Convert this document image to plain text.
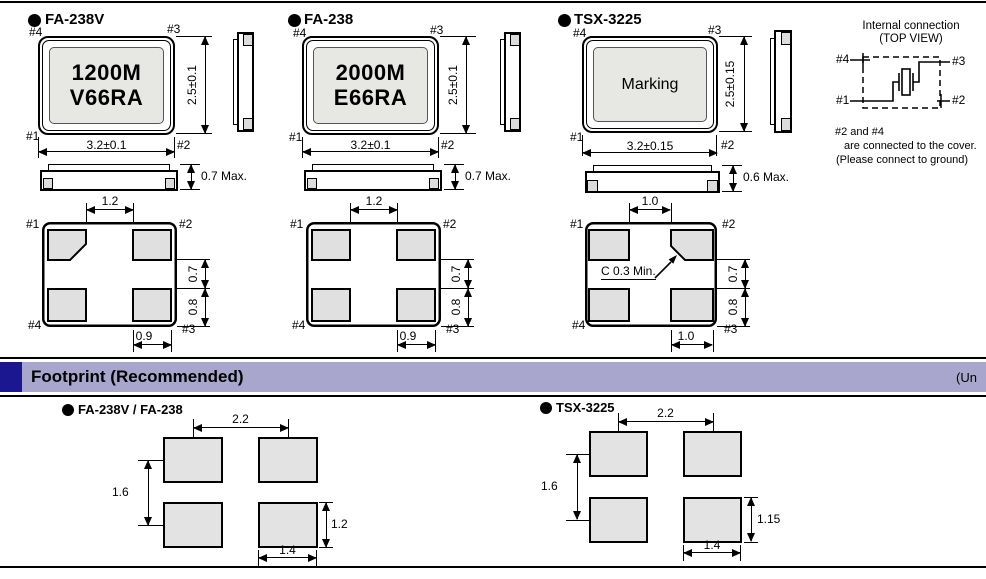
FA-238V
1200M
V66RA
#4	#3
#1
#2
3.2±0.1
2.5±0.1
0.7 Max.
#1	#2
#4	#3
1.2
0.7
0.8
0.9
FA-238
2000M
E66RA
#4	#3
#1
#2
3.2±0.1
2.5±0.1
0.7 Max.
#1	#2
#4	#3
1.2
0.7
0.8
0.9
TSX-3225
Marking
#4	#3
#1
#2
3.2±0.15
2.5±0.15
0.6 Max.
C 0.3 Min.
#1	#2
#4	#3
1.0
0.7
0.8
1.0
Internal connection
(TOP VIEW)
#4	#3
#1	#2
#2 and #4
are connected to the cover.
(Please connect to ground)
Footprint (Recommended)	(Un
FA-238V / FA-238
2.2
1.6
1.2
1.4
TSX-3225	2.2
1.6
1.15
1.4
